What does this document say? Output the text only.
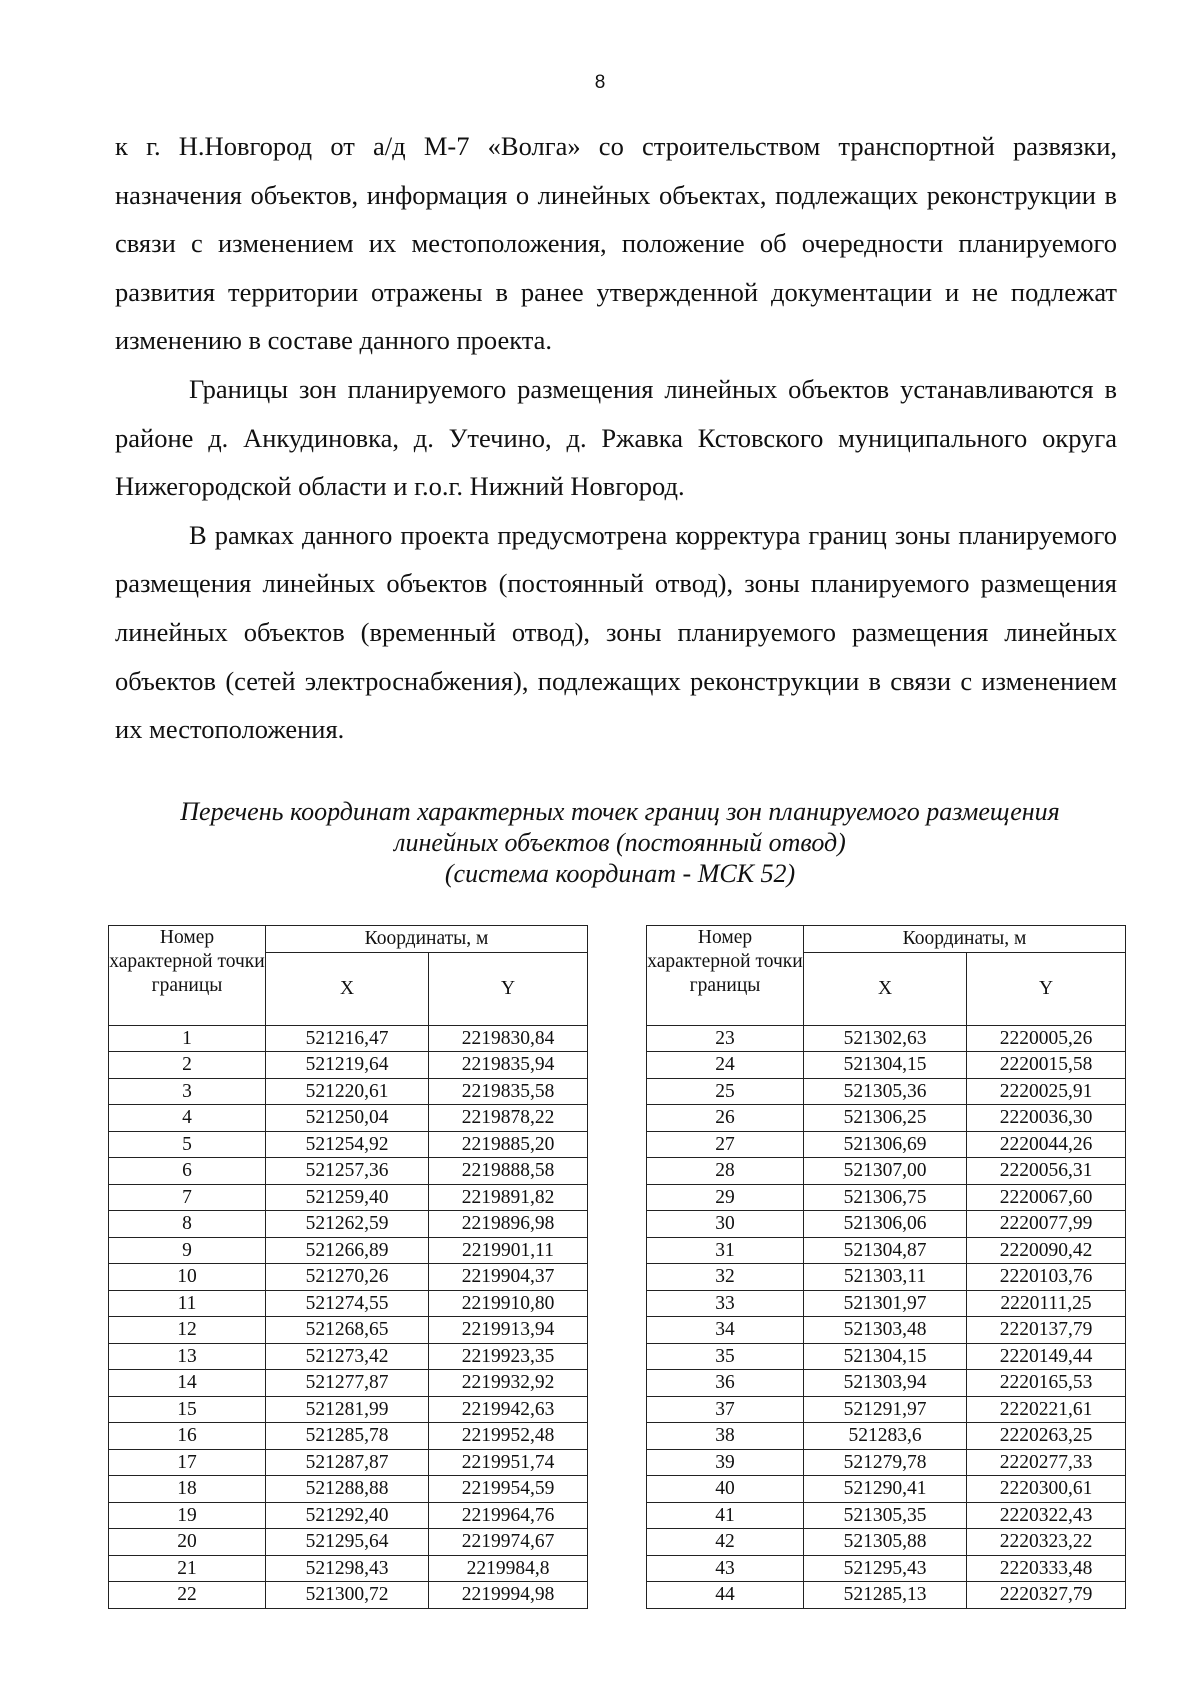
8

к г. Н.Новгород от а/д М-7 «Волга» со строительством транспортной развязки, назначения объектов, информация о линейных объектах, подлежащих реконструкции в связи с изменением их местоположения, положение об очередности планируемого развития территории отражены в ранее утвержденной документации и не подлежат изменению в составе данного проекта.

Границы зон планируемого размещения линейных объектов устанавливаются в районе д. Анкудиновка, д. Утечино, д. Ржавка Кстовского муниципального округа Нижегородской области и г.о.г. Нижний Новгород.

В рамках данного проекта предусмотрена корректура границ зоны планируемого размещения линейных объектов (постоянный отвод), зоны планируемого размещения линейных объектов (временный отвод), зоны планируемого размещения линейных объектов (сетей электроснабжения), подлежащих реконструкции в связи с изменением их местоположения.

Перечень координат характерных точек границ зон планируемого размещения
линейных объектов (постоянный отвод)
(система координат - МСК 52)
Номер характерной точки границы	Координаты, м	
	X	Y
1	521216,47	2219830,84
2	521219,64	2219835,94
3	521220,61	2219835,58
4	521250,04	2219878,22
5	521254,92	2219885,20
6	521257,36	2219888,58
7	521259,40	2219891,82
8	521262,59	2219896,98
9	521266,89	2219901,11
10	521270,26	2219904,37
11	521274,55	2219910,80
12	521268,65	2219913,94
13	521273,42	2219923,35
14	521277,87	2219932,92
15	521281,99	2219942,63
16	521285,78	2219952,48
17	521287,87	2219951,74
18	521288,88	2219954,59
19	521292,40	2219964,76
20	521295,64	2219974,67
21	521298,43	2219984,8
22	521300,72	2219994,98
Номер характерной точки границы	Координаты, м	
	X	Y
23	521302,63	2220005,26
24	521304,15	2220015,58
25	521305,36	2220025,91
26	521306,25	2220036,30
27	521306,69	2220044,26
28	521307,00	2220056,31
29	521306,75	2220067,60
30	521306,06	2220077,99
31	521304,87	2220090,42
32	521303,11	2220103,76
33	521301,97	2220111,25
34	521303,48	2220137,79
35	521304,15	2220149,44
36	521303,94	2220165,53
37	521291,97	2220221,61
38	521283,6	2220263,25
39	521279,78	2220277,33
40	521290,41	2220300,61
41	521305,35	2220322,43
42	521305,88	2220323,22
43	521295,43	2220333,48
44	521285,13	2220327,79
